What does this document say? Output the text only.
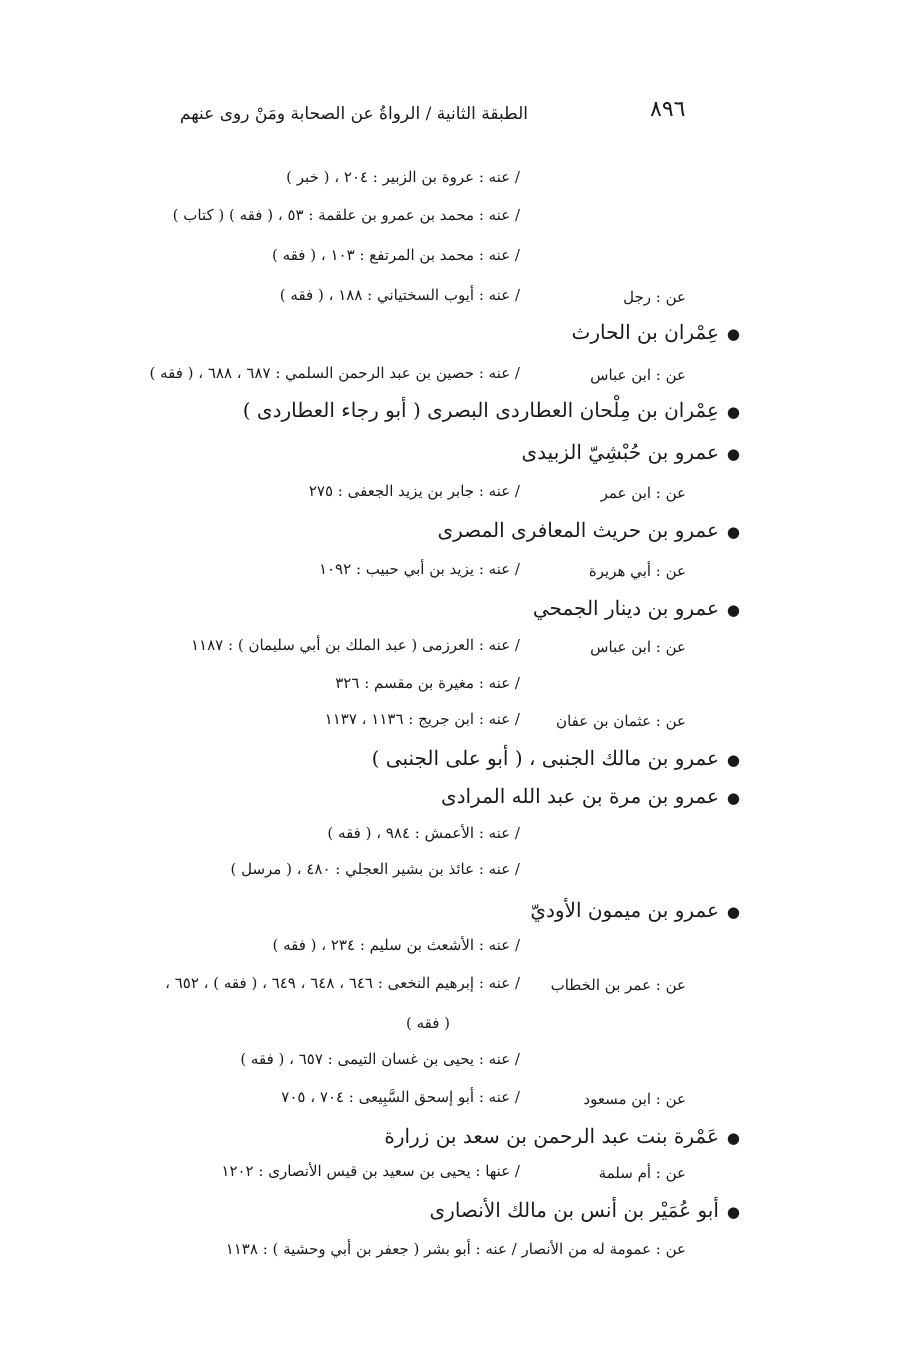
٨٩٦
الطبقة الثانية / الرواةُ عن الصحابة ومَنْ روى عنهم
/ عنه : عروة بن الزبير : ٢٠٤ ، ( خبر )
/ عنه : محمد بن عمرو بن علقمة : ٥٣ ، ( فقه ) ( كتاب )
/ عنه : محمد بن المرتفع : ١٠٣ ، ( فقه )
عن : رجل
/ عنه : أيوب السختياني : ١٨٨ ، ( فقه )
●عِمْران بن الحارث
عن : ابن عباس
/ عنه : حصين بن عبد الرحمن السلمي : ٦٨٧ ، ٦٨٨ ، ( فقه )
●عِمْران بن مِلْحان العطاردى البصرى ( أبو رجاء العطاردى )
●عمرو بن حُبْشِيّ الزبيدى
عن : ابن عمر
/ عنه : جابر بن يزيد الجعفى : ٢٧٥
●عمرو بن حريث المعافرى المصرى
عن : أبي هريرة
/ عنه : يزيد بن أبي حبيب : ١٠٩٢
●عمرو بن دينار الجمحي
عن : ابن عباس
/ عنه : العرزمى ( عبد الملك بن أبي سليمان ) : ١١٨٧
/ عنه : مغيرة بن مقسم : ٣٢٦
عن : عثمان بن عفان
/ عنه : ابن جريج : ١١٣٦ ، ١١٣٧
●عمرو بن مالك الجنبى ، ( أبو على الجنبى )
●عمرو بن مرة بن عبد الله المرادى
/ عنه : الأعمش : ٩٨٤ ، ( فقه )
/ عنه : عائذ بن بشير العجلي : ٤٨٠ ، ( مرسل )
●عمرو بن ميمون الأوديّ
/ عنه : الأشعث بن سليم : ٢٣٤ ، ( فقه )
عن : عمر بن الخطاب
/ عنه : إبرهيم النخعى : ٦٤٦ ، ٦٤٨ ، ٦٤٩ ، ( فقه ) ، ٦٥٢ ،
( فقه )
/ عنه : يحيى بن غسان التيمى : ٦٥٧ ، ( فقه )
عن : ابن مسعود
/ عنه : أبو إسحق السَّبِيعى : ٧٠٤ ، ٧٠٥
●عَمْرة بنت عبد الرحمن بن سعد بن زرارة
عن : أم سلمة
/ عنها : يحيى بن سعيد بن قيس الأنصارى : ١٢٠٢
●أبو عُمَيْر بن أنس بن مالك الأنصارى
عن : عمومة له من الأنصار / عنه : أبو بشر ( جعفر بن أبي وحشية ) : ١١٣٨
